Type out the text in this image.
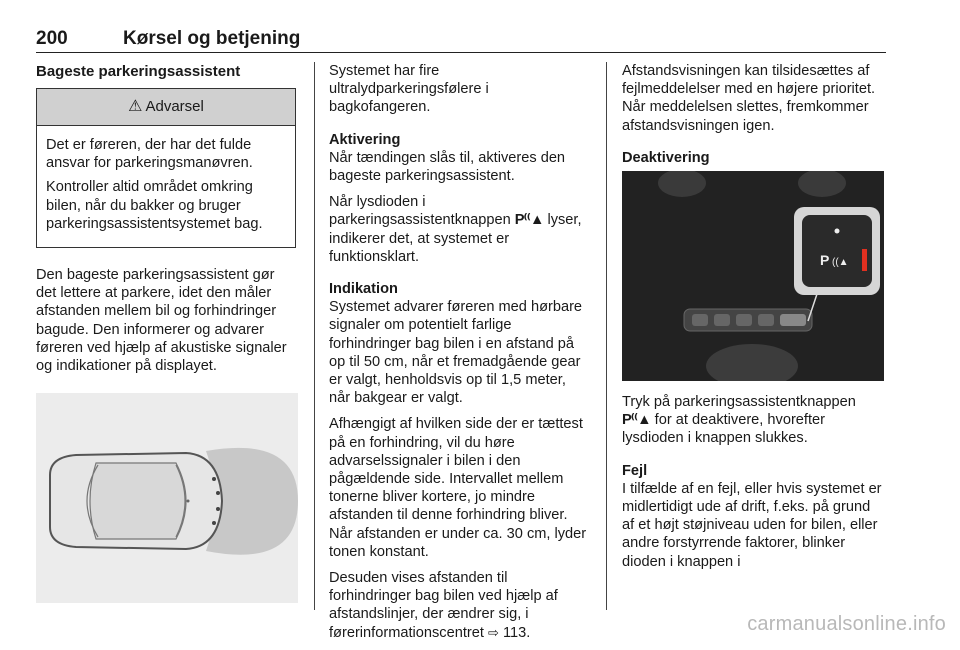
200	Kørsel og betjening
Bageste parkeringsassistent
⚠ Advarsel

Det er føreren, der har det fulde ansvar for parkeringsmanøvren.

Kontroller altid området omkring bilen, når du bakker og bruger parkeringsassistentsystemet bag.

Den bageste parkeringsassistent gør det lettere at parkere, idet den måler afstanden mellem bil og forhindringer bagude. Den informerer og advarer føreren ved hjælp af akustiske signaler og indikationer på displayet.

Systemet har fire ultralydparkeringsfølere i bagkofangeren.

Aktivering

Når tændingen slås til, aktiveres den bageste parkeringsassistent.

Når lysdioden i parkeringsassistentknappen P⁽⁽▲ lyser, indikerer det, at systemet er funktionsklart.

Indikation

Systemet advarer føreren med hørbare signaler om potentielt farlige forhindringer bag bilen i en afstand på op til 50 cm, når et fremadgående gear er valgt, henholdsvis op til 1,5 meter, når bakgear er valgt.

Afhængigt af hvilken side der er tættest på en forhindring, vil du høre advarselssignaler i bilen i den pågældende side. Intervallet mellem tonerne bliver kortere, jo mindre afstanden til denne forhindring bliver. Når afstanden er under ca. 30 cm, lyder tonen konstant.

Desuden vises afstanden til forhindringer bag bilen ved hjælp af afstandslinjer, der ændrer sig, i førerinformationscentret ⇨ 113.

Afstandsvisningen kan tilsidesættes af fejlmeddelelser med en højere prioritet. Når meddelelsen slettes, fremkommer afstandsvisningen igen.

Deaktivering
P ((▲

Tryk på parkeringsassistentknappen P⁽⁽▲ for at deaktivere, hvorefter lysdioden i knappen slukkes.

Fejl

I tilfælde af en fejl, eller hvis systemet er midlertidigt ude af drift, f.eks. på grund af et højt støjniveau uden for bilen, eller andre forstyrrende faktorer, blinker dioden i knappen i

carmanualsonline.info
